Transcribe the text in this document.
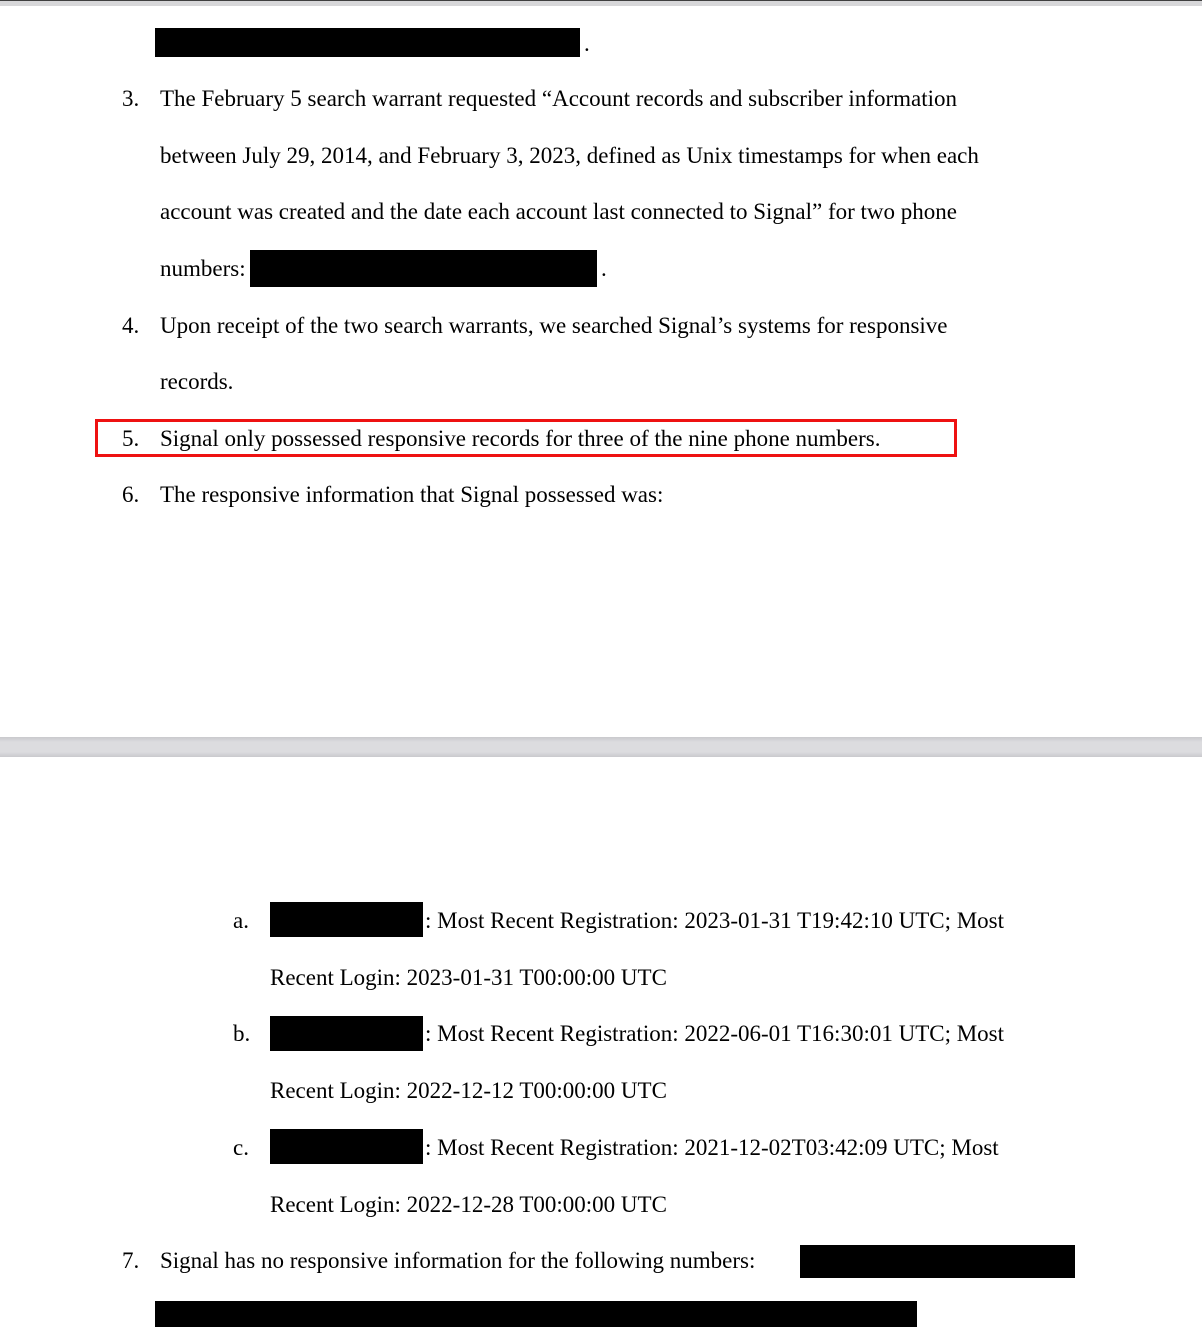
.
3. The February 5 search warrant requested “Account records and subscriber information
between July 29, 2014, and February 3, 2023, defined as Unix timestamps for when each
account was created and the date each account last connected to Signal” for two phone
numbers:	.
4. Upon receipt of the two search warrants, we searched Signal’s systems for responsive
records.
5. Signal only possessed responsive records for three of the nine phone numbers.
6. The responsive information that Signal possessed was:
a.	: Most Recent Registration: 2023-01-31 T19:42:10 UTC; Most
Recent Login: 2023-01-31 T00:00:00 UTC
b.	: Most Recent Registration: 2022-06-01 T16:30:01 UTC; Most
Recent Login: 2022-12-12 T00:00:00 UTC
c.	: Most Recent Registration: 2021-12-02T03:42:09 UTC; Most
Recent Login: 2022-12-28 T00:00:00 UTC
7. Signal has no responsive information for the following numbers:
